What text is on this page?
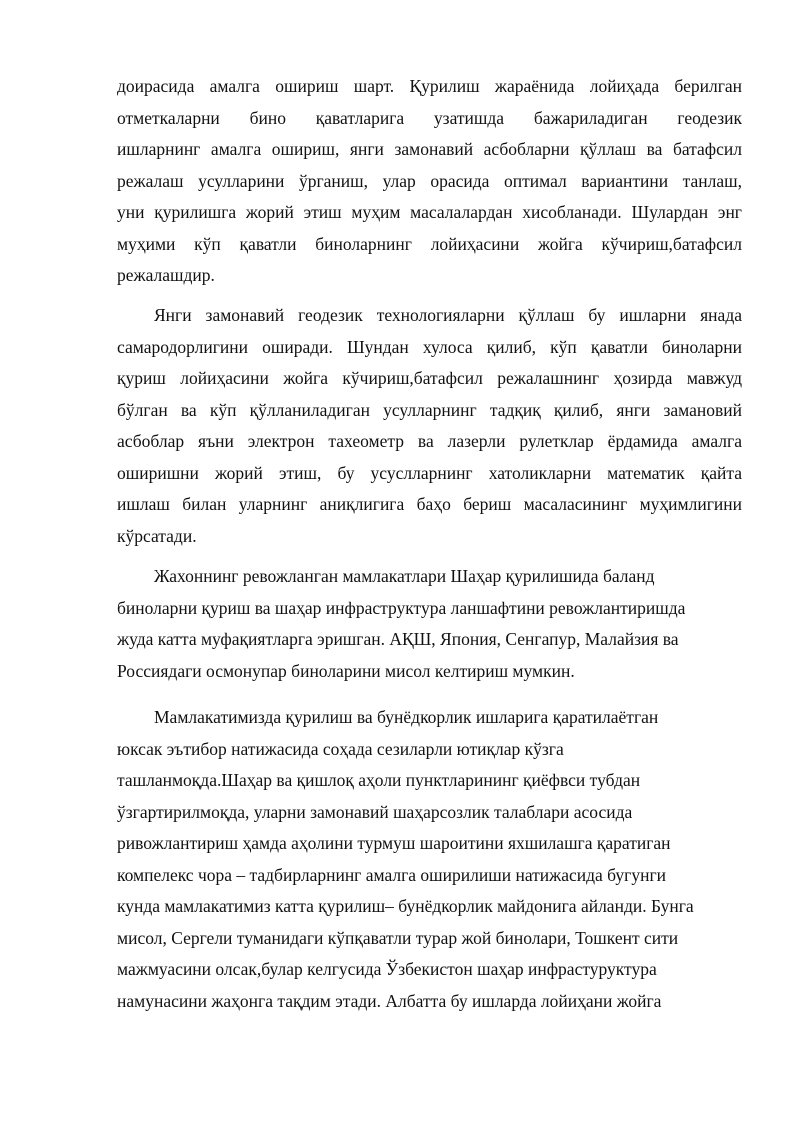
доирасида амалга ошириш шарт. Қурилиш жараёнида лойиҳада берилган
отметкаларни бино қаватларига узатишда бажариладиган геодезик
ишларнинг амалга ошириш, янги замонавий асбобларни қўллаш ва батафсил
режалаш усулларини ўрганиш, улар орасида оптимал вариантини танлаш,
уни қурилишга жорий этиш муҳим масалалардан хисобланади. Шулардан энг
муҳими кўп қаватли биноларнинг лойиҳасини жойга кўчириш,батафсил
режалашдир.
Янги замонавий геодезик технологияларни қўллаш бу ишларни янада
самародорлигини оширади. Шундан хулоса қилиб, кўп қаватли биноларни
қуриш лойиҳасини жойга кўчириш,батафсил режалашнинг ҳозирда мавжуд
бўлган ва кўп қўлланиладиган усулларнинг тадқиқ қилиб, янги замановий
асбоблар яъни электрон тахеометр ва лазерли рулетклар ёрдамида амалга
оширишни жорий этиш, бу усуслларнинг хатоликларни математик қайта
ишлаш билан уларнинг аниқлигига баҳо бериш масаласининг муҳимлигини
кўрсатади.
Жахоннинг ревожланган мамлакатлари Шаҳар қурилишида баланд
биноларни қуриш ва шаҳар инфраструктура ланшафтини ревожлантиришда
жуда катта муфақиятларга эришган. АҚШ, Япония, Сенгапур, Малайзия ва
Россиядаги осмонупар биноларини мисол келтириш мумкин.
Мамлакатимизда қурилиш ва бунёдкорлик ишларига қаратилаётган
юксак эътибор натижасида соҳада сезиларли ютиқлар кўзга
ташланмоқда.Шаҳар ва қишлоқ аҳоли пунктларининг қиёфвси тубдан
ўзгартирилмоқда, уларни замонавий шаҳарсозлик талаблари асосида
ривожлантириш ҳамда аҳолини турмуш шароитини яхшилашга қаратиган
компелекс чора – тадбирларнинг амалга оширилиши натижасида бугунги
кунда мамлакатимиз катта қурилиш– бунёдкорлик майдонига айланди. Бунга
мисол, Сергели туманидаги кўпқаватли турар жой бинолари, Тошкент сити
мажмуасини олсак,булар келгусида Ўзбекистон шаҳар инфрастуруктура
намунасини жаҳонга тақдим этади. Албатта бу ишларда лойиҳани жойга
